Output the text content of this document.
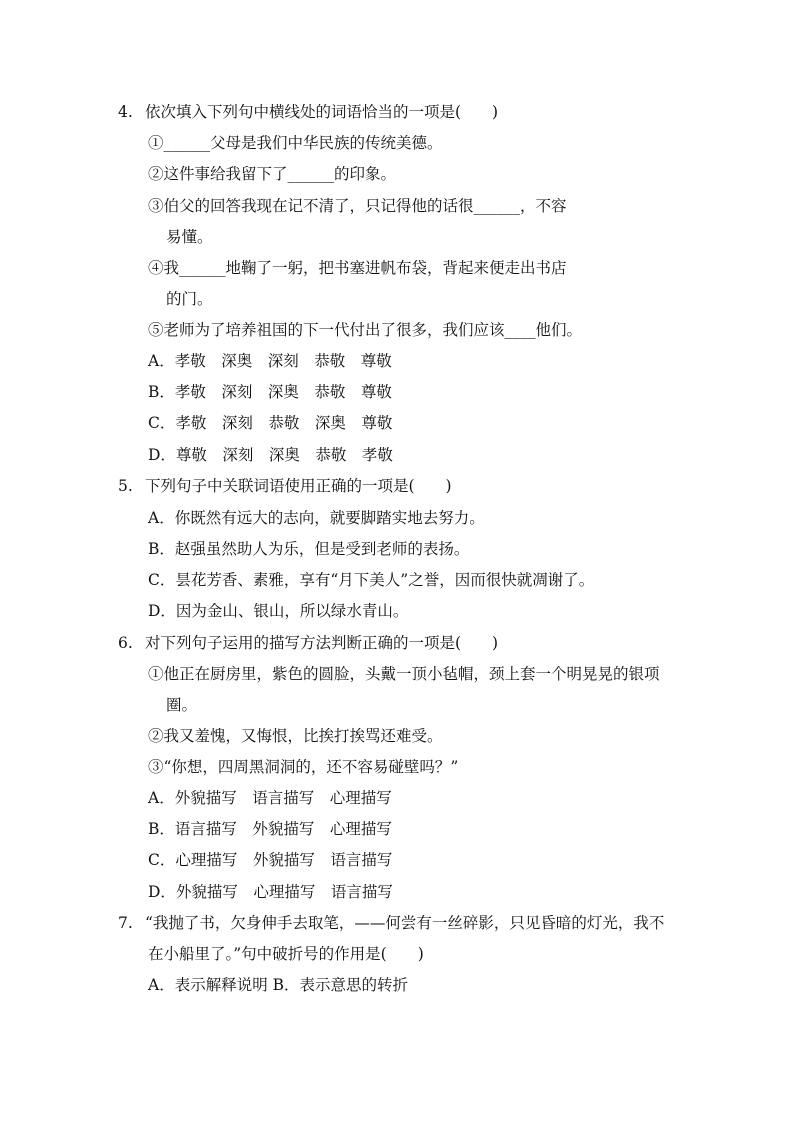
4. 依次填入下列句中横线处的词语恰当的一项是(　　)
①______父母是我们中华民族的传统美德。
②这件事给我留下了______的印象。
③伯父的回答我现在记不清了，只记得他的话很______，不容
易懂。
④我______地鞠了一躬，把书塞进帆布袋，背起来便走出书店
的门。
⑤老师为了培养祖国的下一代付出了很多，我们应该____他们。
A．孝敬　深奥　深刻　恭敬　尊敬
B．孝敬　深刻　深奥　恭敬　尊敬
C．孝敬　深刻　恭敬　深奥　尊敬
D．尊敬　深刻　深奥　恭敬　孝敬
5. 下列句子中关联词语使用正确的一项是(　　)
A．你既然有远大的志向，就要脚踏实地去努力。
B．赵强虽然助人为乐，但是受到老师的表扬。
C．昙花芳香、素雅，享有“月下美人”之誉，因而很快就凋谢了。
D．因为金山、银山，所以绿水青山。
6. 对下列句子运用的描写方法判断正确的一项是(　　)
①他正在厨房里，紫色的圆脸，头戴一顶小毡帽，颈上套一个明晃晃的银项
圈。
②我又羞愧，又悔恨，比挨打挨骂还难受。
③“你想，四周黑洞洞的，还不容易碰壁吗？”
A．外貌描写　语言描写　心理描写
B．语言描写　外貌描写　心理描写
C．心理描写　外貌描写　语言描写
D．外貌描写　心理描写　语言描写
7. “我抛了书，欠身伸手去取笔，——何尝有一丝碎影，只见昏暗的灯光，我不
在小船里了。”句中破折号的作用是(　　)
A．表示解释说明 B．表示意思的转折
